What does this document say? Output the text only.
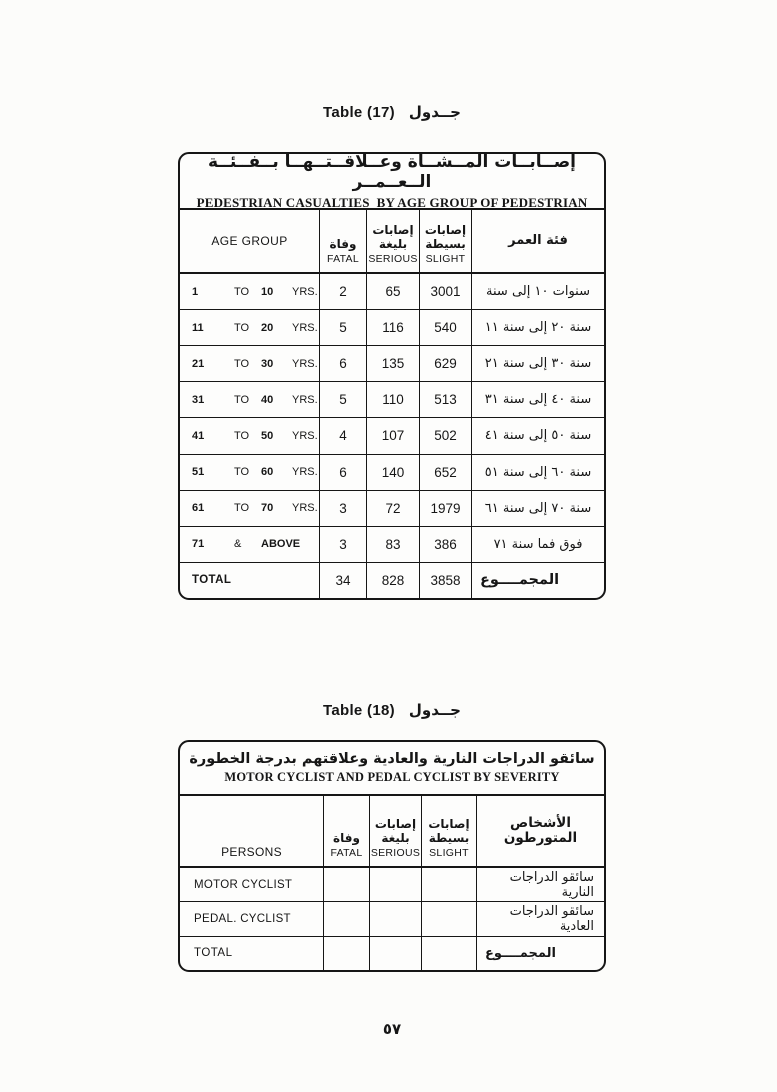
Table (17) جــدول
إصــابــات المــشــاة وعــلاقــتــهــا بــفــئــة الــعــمــر
PEDESTRIAN CASUALTIES  BY AGE GROUP OF PEDESTRIAN
AGE GROUP	وفاة
FATAL
إصابات بليغة
SERIOUS
إصابات بسيطة
SLIGHT
فئة العمر
1	TO	10	YRS.	2	65	3001	سنوات ١٠ إلى سنة
11	TO	20	YRS.	5	116	540	سنة ٢٠ إلى سنة ١١
21	TO	30	YRS.	6	135	629	سنة ٣٠ إلى سنة ٢١
31	TO	40	YRS.	5	110	513	سنة ٤٠ إلى سنة ٣١
41	TO	50	YRS.	4	107	502	سنة ٥٠ إلى سنة ٤١
51	TO	60	YRS.	6	140	652	سنة ٦٠ إلى سنة ٥١
61	TO	70	YRS.	3	72	1979	سنة ٧٠ إلى سنة ٦١
71	&	ABOVE	3	83	386	فوق فما سنة ٧١
TOTAL	34	828	3858	المجمــــوع
Table (18) جــدول
سائقو الدراجات النارية والعادية وعلاقتهم بدرجة الخطورة
MOTOR CYCLIST AND PEDAL CYCLIST BY SEVERITY
PERSONS
وفاة
FATAL
إصابات بليغة
SERIOUS
إصابات بسيطة
SLIGHT
الأشخاص المتورطون
MOTOR CYCLIST	سائقو الدراجات النارية
PEDAL. CYCLIST	سائقو الدراجات العادية
TOTAL	المجمــــوع
٥٧
